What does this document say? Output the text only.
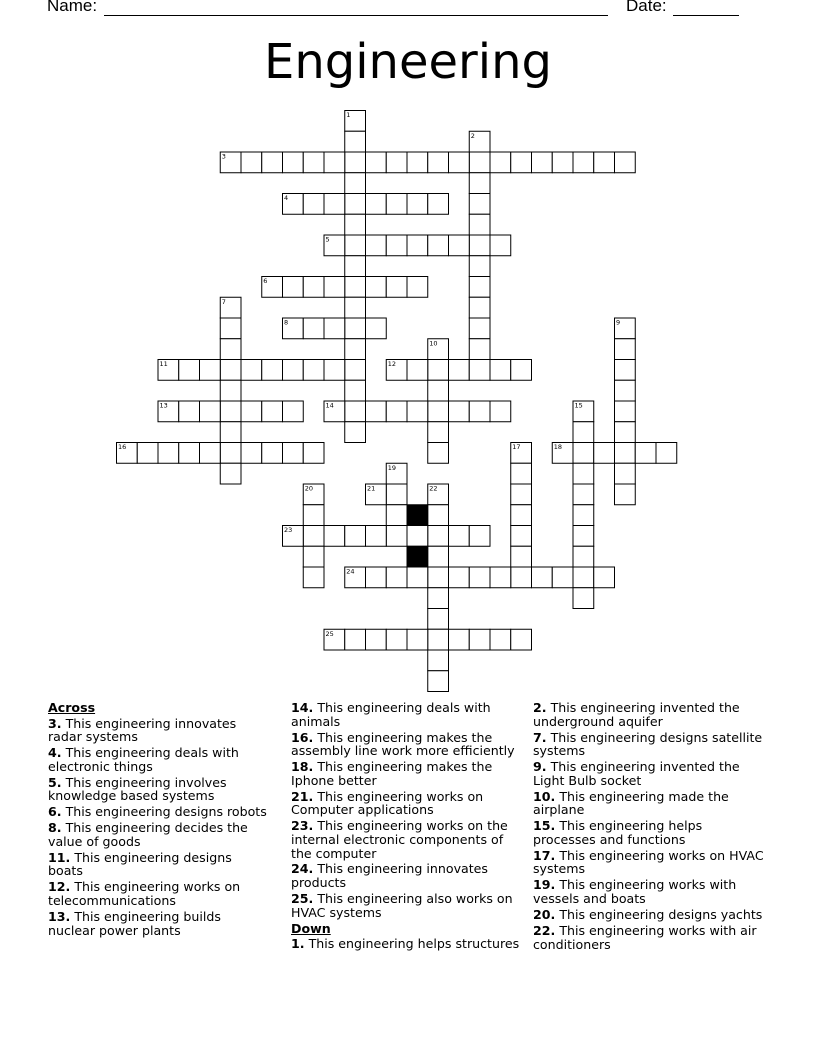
Name:	Date:
Engineering
1
2
3
4
5
6
7
8	9
10
11	12
13	14	15
16	17	18
19
20	21	22
23
24
25
Across
3. This engineering innovates radar systems
4. This engineering deals with electronic things
5. This engineering involves knowledge based systems
6. This engineering designs robots
8. This engineering decides the value of goods
11. This engineering designs boats
12. This engineering works on telecommunications
13. This engineering builds nuclear power plants
14. This engineering deals with animals
16. This engineering makes the assembly line work more efficiently
18. This engineering makes the Iphone better
21. This engineering works on Computer applications
23. This engineering works on the internal electronic components of the computer
24. This engineering innovates products
25. This engineering also works on HVAC systems
Down
1. This engineering helps structures
2. This engineering invented the underground aquifer
7. This engineering designs satellite systems
9. This engineering invented the Light Bulb socket
10. This engineering made the airplane
15. This engineering helps processes and functions
17. This engineering works on HVAC systems
19. This engineering works with vessels and boats
20. This engineering designs yachts
22. This engineering works with air conditioners
